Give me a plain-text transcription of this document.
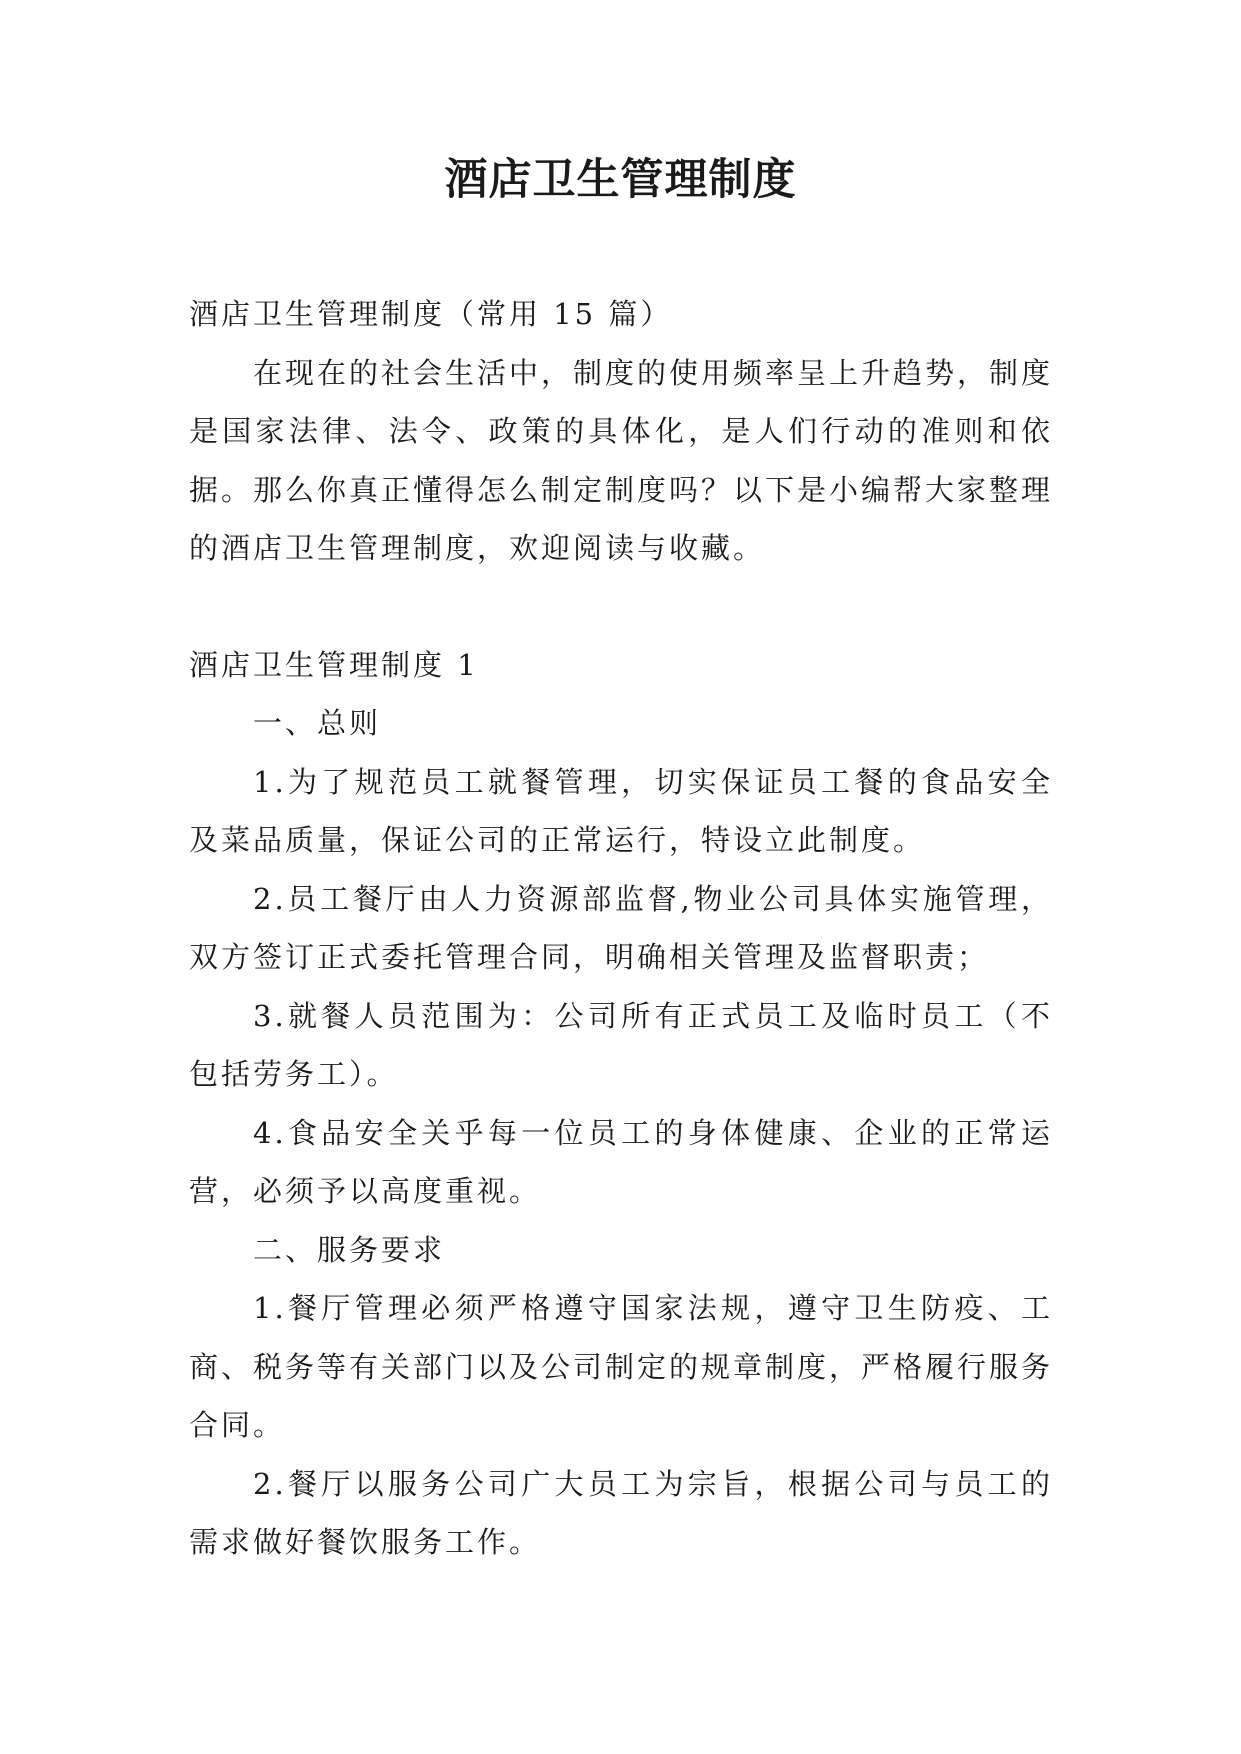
酒店卫生管理制度

酒店卫生管理制度（常用 15 篇）

在现在的社会生活中，制度的使用频率呈上升趋势，制度是国家法律、法令、政策的具体化，是人们行动的准则和依据。那么你真正懂得怎么制定制度吗？以下是小编帮大家整理的酒店卫生管理制度，欢迎阅读与收藏。

酒店卫生管理制度 1

一、总则

1.为了规范员工就餐管理，切实保证员工餐的食品安全及菜品质量，保证公司的正常运行，特设立此制度。

2.员工餐厅由人力资源部监督,物业公司具体实施管理，双方签订正式委托管理合同，明确相关管理及监督职责；

3.就餐人员范围为：公司所有正式员工及临时员工（不包括劳务工）。

4.食品安全关乎每一位员工的身体健康、企业的正常运营，必须予以高度重视。

二、服务要求

1.餐厅管理必须严格遵守国家法规，遵守卫生防疫、工商、税务等有关部门以及公司制定的规章制度，严格履行服务合同。

2.餐厅以服务公司广大员工为宗旨，根据公司与员工的需求做好餐饮服务工作。
